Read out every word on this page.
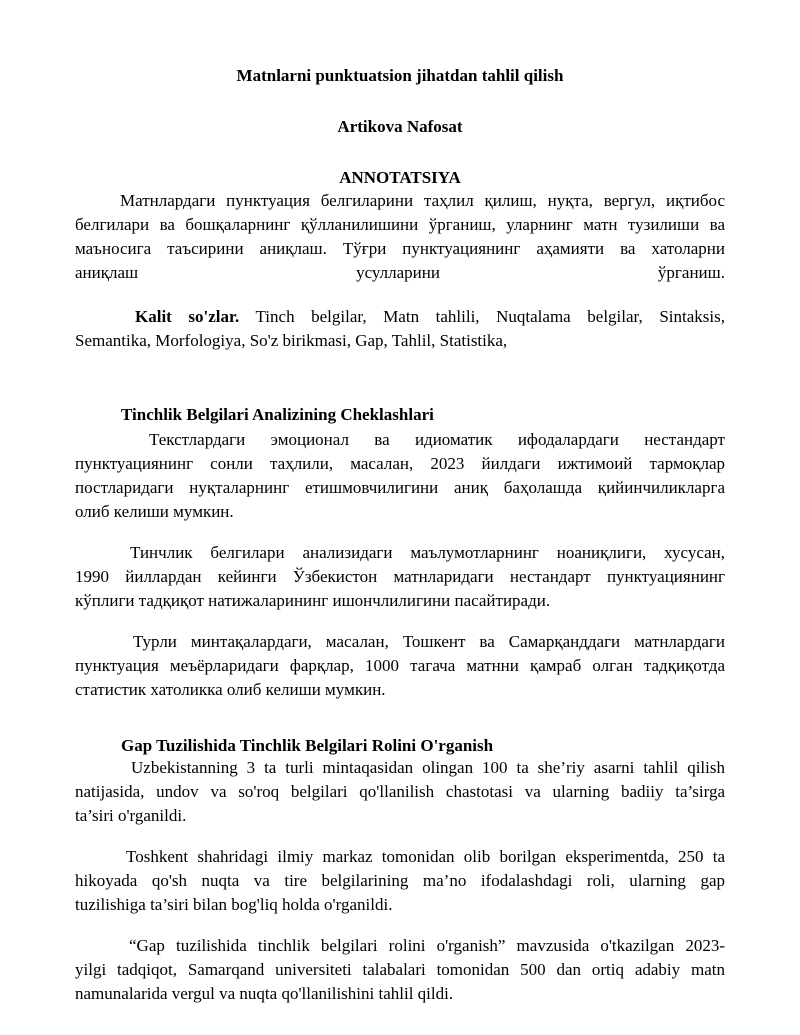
Matnlarni punktuatsion jihatdan tahlil qilish
Artikova Nafosat
ANNOTATSIYA
Матнлардаги пунктуация белгиларини таҳлил қилиш, нуқта, вергул, иқтибос
белгилари ва бошқаларнинг қўлланилишини ўрганиш, уларнинг матн тузилиши ва
маъносига таъсирини аниқлаш. Тўғри пунктуациянинг аҳамияти ва хатоларни
аниқлаш усулларини ўрганиш.
Kalit so'zlar. Tinch belgilar, Matn tahlili, Nuqtalama belgilar, Sintaksis,
Semantika, Morfologiya, So'z birikmasi, Gap, Tahlil, Statistika,
Tinchlik Belgilari Analizining Cheklashlari
Текстлардаги эмоционал ва идиоматик ифодалардаги нестандарт
пунктуациянинг сонли таҳлили, масалан, 2023 йилдаги ижтимоий тармоқлар
постларидаги нуқталарнинг етишмовчилигини аниқ баҳолашда қийинчиликларга
олиб келиши мумкин.
Тинчлик белгилари анализидаги маълумотларнинг ноаниқлиги, хусусан,
1990 йиллардан кейинги Ўзбекистон матнларидаги нестандарт пунктуациянинг
кўплиги тадқиқот натижаларининг ишончлилигини пасайтиради.
Турли минтақалардаги, масалан, Тошкент ва Самарқанддаги матнлардаги
пунктуация меъёрларидаги фарқлар, 1000 тагача матнни қамраб олган тадқиқотда
статистик хатоликка олиб келиши мумкин.
Gap Tuzilishida Tinchlik Belgilari Rolini O'rganish
Uzbekistanning 3 ta turli mintaqasidan olingan 100 ta she’riy asarni tahlil qilish
natijasida, undov va so'roq belgilari qo'llanilish chastotasi va ularning badiiy ta’sirga
ta’siri o'rganildi.
Toshkent shahridagi ilmiy markaz tomonidan olib borilgan eksperimentda, 250 ta
hikoyada qo'sh nuqta va tire belgilarining ma’no ifodalashdagi roli, ularning gap
tuzilishiga ta’siri bilan bog'liq holda o'rganildi.
“Gap tuzilishida tinchlik belgilari rolini o'rganish” mavzusida o'tkazilgan 2023-
yilgi tadqiqot, Samarqand universiteti talabalari tomonidan 500 dan ortiq adabiy matn
namunalarida vergul va nuqta qo'llanilishini tahlil qildi.
